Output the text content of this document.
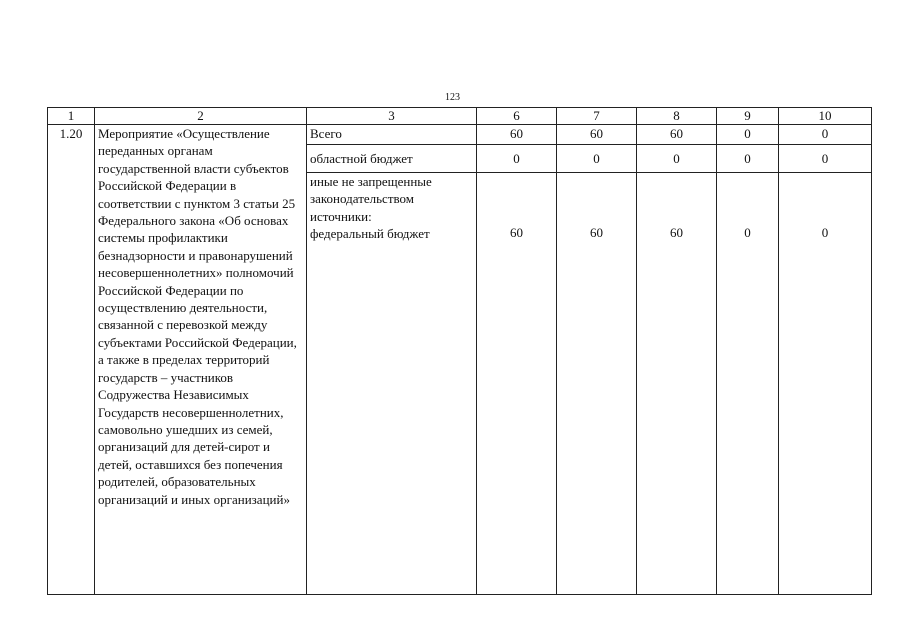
123
1	2	3	6	7	8	9	10
1.20	Мероприятие «Осуществление переданных органам государственной власти субъектов Российской Федерации в соответствии с пунктом 3 статьи 25 Федерального закона «Об основах системы профилактики безнадзорности и правонарушений несовершеннолетних» полномочий Российской Федерации по осуществлению деятельности, связанной с перевозкой между субъектами Российской Федерации, а также в пределах территорий государств – участников Содружества Независимых Государств несовершеннолетних, самовольно ушедших из семей, организаций для детей-сирот и детей, оставшихся без попечения родителей, образовательных организаций и иных организаций»	Всего	60	60	60	0	0
		областной бюджет	0	0	0	0	0

		иные не запрещенные
законодательством
источники:
федеральный бюджет	60	60	60	0	0
